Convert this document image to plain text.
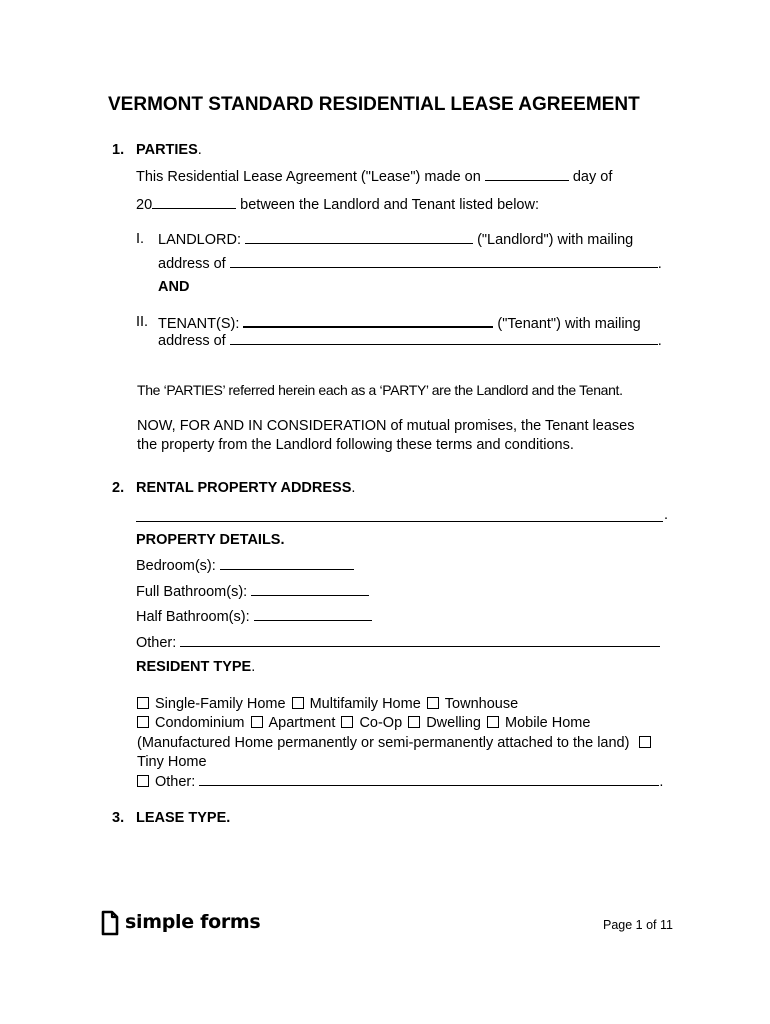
VERMONT STANDARD RESIDENTIAL LEASE AGREEMENT
1. PARTIES.
This Residential Lease Agreement ("Lease") made on	day of
20	between the Landlord and Tenant listed below:
I. LANDLORD:	("Landlord") with mailing
address of	.
AND
II. TENANT(S):	("Tenant") with mailing
address of	.
The ‘PARTIES’ referred herein each as a ‘PARTY’ are the Landlord and the Tenant.
NOW, FOR AND IN CONSIDERATION of mutual promises, the Tenant leases
the property from the Landlord following these terms and conditions.
2. RENTAL PROPERTY ADDRESS.
.
PROPERTY DETAILS.
Bedroom(s):
Full Bathroom(s):
Half Bathroom(s):
Other:
RESIDENT TYPE.
Single-Family Home Multifamily Home Townhouse
Condominium Apartment Co-Op Dwelling Mobile Home
(Manufactured Home permanently or semi-permanently attached to the land)
Tiny Home
Other:	.
3. LEASE TYPE.
simple forms	Page 1 of 11
